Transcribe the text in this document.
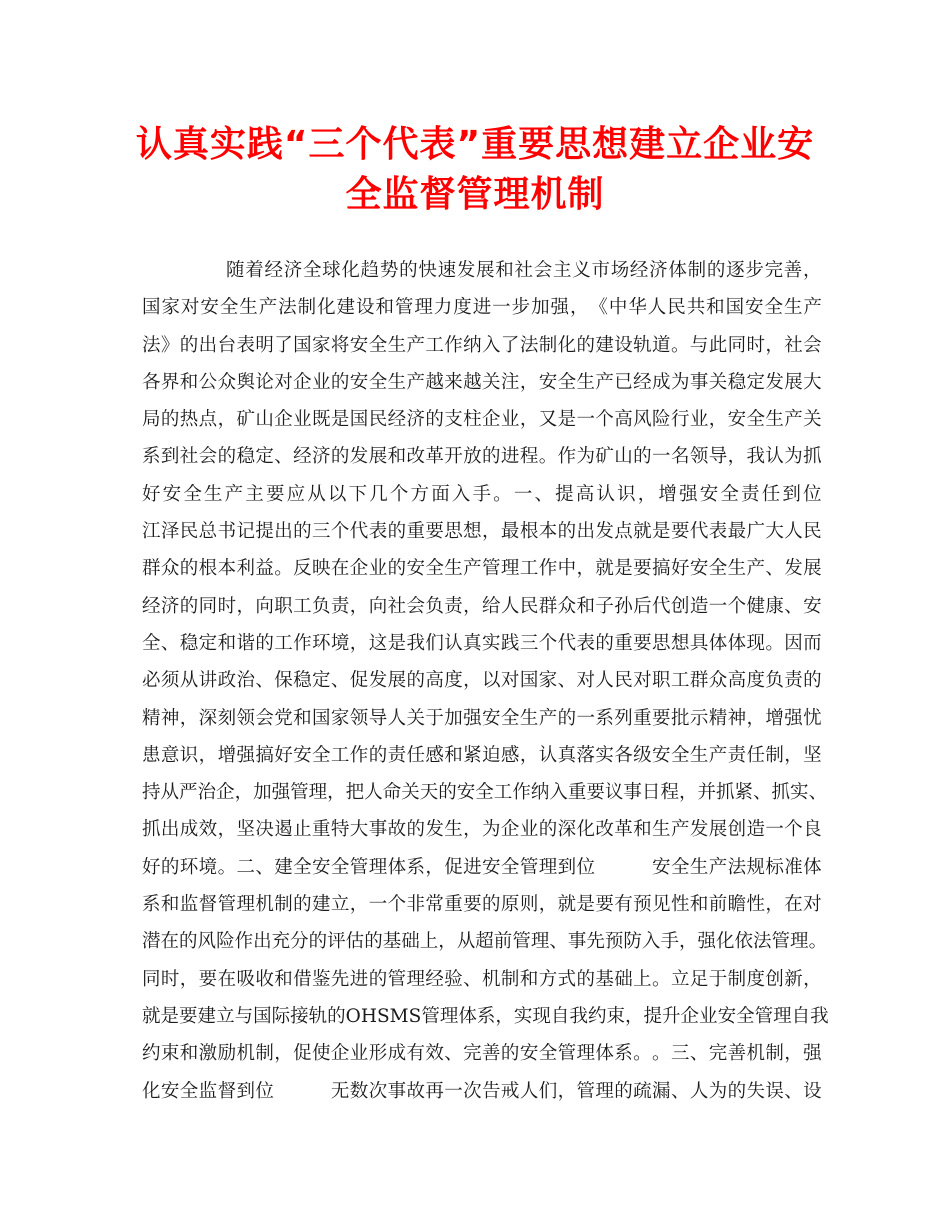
认真实践“三个代表”重要思想建立企业安
全监督管理机制
随 着 经 济 全 球 化 趋 势 的 快 速 发 展 和 社 会 主 义 市 场 经 济 体 制 的 逐 步 完 善 ，
国 家 对 安 全 生 产 法 制 化 建 设 和 管 理 力 度 进 一 步 加 强 ， 《 中 华 人 民 共 和 国 安 全 生 产
法 》 的 出 台 表 明 了 国 家 将 安 全 生 产 工 作 纳 入 了 法 制 化 的 建 设 轨 道 。 与 此 同 时 ， 社 会
各 界 和 公 众 舆 论 对 企 业 的 安 全 生 产 越 来 越 关 注 ， 安 全 生 产 已 经 成 为 事 关 稳 定 发 展 大
局 的 热 点 ， 矿 山 企 业 既 是 国 民 经 济 的 支 柱 企 业 ， 又 是 一 个 高 风 险 行 业 ， 安 全 生 产 关
系 到 社 会 的 稳 定 、 经 济 的 发 展 和 改 革 开 放 的 进 程 。 作 为 矿 山 的 一 名 领 导 ， 我 认 为 抓
好 安 全 生 产 主 要 应 从 以 下 几 个 方 面 入 手 。 一 、 提 高 认 识 ， 增 强 安 全 责 任 到 位
江 泽 民 总 书 记 提 出 的 三 个 代 表 的 重 要 思 想 ， 最 根 本 的 出 发 点 就 是 要 代 表 最 广 大 人 民
群 众 的 根 本 利 益 。 反 映 在 企 业 的 安 全 生 产 管 理 工 作 中 ， 就 是 要 搞 好 安 全 生 产 、 发 展
经 济 的 同 时 ， 向 职 工 负 责 ， 向 社 会 负 责 ， 给 人 民 群 众 和 子 孙 后 代 创 造 一 个 健 康 、 安
全 、 稳 定 和 谐 的 工 作 环 境 ， 这 是 我 们 认 真 实 践 三 个 代 表 的 重 要 思 想 具 体 体 现 。 因 而
必 须 从 讲 政 治 、 保 稳 定 、 促 发 展 的 高 度 ， 以 对 国 家 、 对 人 民 对 职 工 群 众 高 度 负 责 的
精 神 ， 深 刻 领 会 党 和 国 家 领 导 人 关 于 加 强 安 全 生 产 的 一 系 列 重 要 批 示 精 神 ， 增 强 忧
患 意 识 ， 增 强 搞 好 安 全 工 作 的 责 任 感 和 紧 迫 感 ， 认 真 落 实 各 级 安 全 生 产 责 任 制 ， 坚
持 从 严 治 企 ， 加 强 管 理 ， 把 人 命 关 天 的 安 全 工 作 纳 入 重 要 议 事 日 程 ， 并 抓 紧 、 抓 实 、
抓 出 成 效 ， 坚 决 遏 止 重 特 大 事 故 的 发 生 ， 为 企 业 的 深 化 改 革 和 生 产 发 展 创 造 一 个 良
好 的 环 境 。 二 、 建 全 安 全 管 理 体 系 ， 促 进 安 全 管 理 到 位

　	安 全 生 产 法 规 标 准 体
系 和 监 督 管 理 机 制 的 建 立 ， 一 个 非 常 重 要 的 原 则 ， 就 是 要 有 预 见 性 和 前 瞻 性 ， 在 对
潜 在 的 风 险 作 出 充 分 的 评 估 的 基 础 上 ， 从 超 前 管 理 、 事 先 预 防 入 手 ， 强 化 依 法 管 理 。
同 时 ， 要 在 吸 收 和 借 鉴 先 进 的 管 理 经 验 、 机 制 和 方 式 的 基 础 上 。 立 足 于 制 度 创 新 ，
就 是 要 建 立 与 国 际 接 轨 的 O H S M S 管 理 体 系 ， 实 现 自 我 约 束 ， 提 升 企 业 安 全 管 理 自 我
约 束 和 激 励 机 制 ， 促 使 企 业 形 成 有 效 、 完 善 的 安 全 管 理 体 系 。 。 三 、 完 善 机 制 ， 强
化 安 全 监 督 到 位

　	无 数 次 事 故 再 一 次 告 戒 人 们 ， 管 理 的 疏 漏 、 人 为 的 失 误 、 设
